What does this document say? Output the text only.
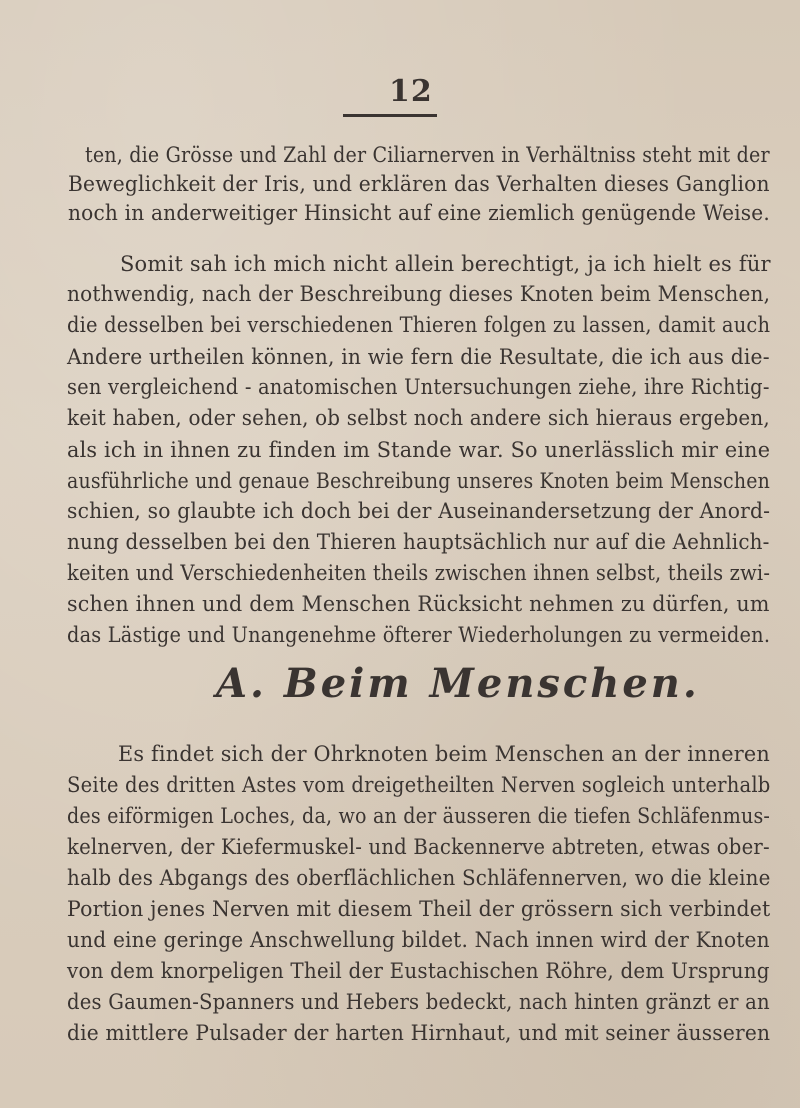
12
ten, die Grösse und Zahl der Ciliarnerven in Verhältniss steht mit der
Beweglichkeit der Iris, und erklären das Verhalten dieses Ganglion
noch in anderweitiger Hinsicht auf eine ziemlich genügende Weise.
Somit sah ich mich nicht allein berechtigt, ja ich hielt es für
nothwendig, nach der Beschreibung dieses Knoten beim Menschen,
die desselben bei verschiedenen Thieren folgen zu lassen, damit auch
Andere urtheilen können, in wie fern die Resultate, die ich aus die-
sen vergleichend - anatomischen Untersuchungen ziehe, ihre Richtig-
keit haben, oder sehen, ob selbst noch andere sich hieraus ergeben,
als ich in ihnen zu finden im Stande war. So unerlässlich mir eine
ausführliche und genaue Beschreibung unseres Knoten beim Menschen
schien, so glaubte ich doch bei der Auseinandersetzung der Anord-
nung desselben bei den Thieren hauptsächlich nur auf die Aehnlich-
keiten und Verschiedenheiten theils zwischen ihnen selbst, theils zwi-
schen ihnen und dem Menschen Rücksicht nehmen zu dürfen, um
das Lästige und Unangenehme öfterer Wiederholungen zu vermeiden.
A. Beim Menschen.
Es findet sich der Ohrknoten beim Menschen an der inneren
Seite des dritten Astes vom dreigetheilten Nerven sogleich unterhalb
des eiförmigen Loches, da, wo an der äusseren die tiefen Schläfenmus-
kelnerven, der Kiefermuskel- und Backennerve abtreten, etwas ober-
halb des Abgangs des oberflächlichen Schläfennerven, wo die kleine
Portion jenes Nerven mit diesem Theil der grössern sich verbindet
und eine geringe Anschwellung bildet. Nach innen wird der Knoten
von dem knorpeligen Theil der Eustachischen Röhre, dem Ursprung
des Gaumen-Spanners und Hebers bedeckt, nach hinten gränzt er an
die mittlere Pulsader der harten Hirnhaut, und mit seiner äusseren
